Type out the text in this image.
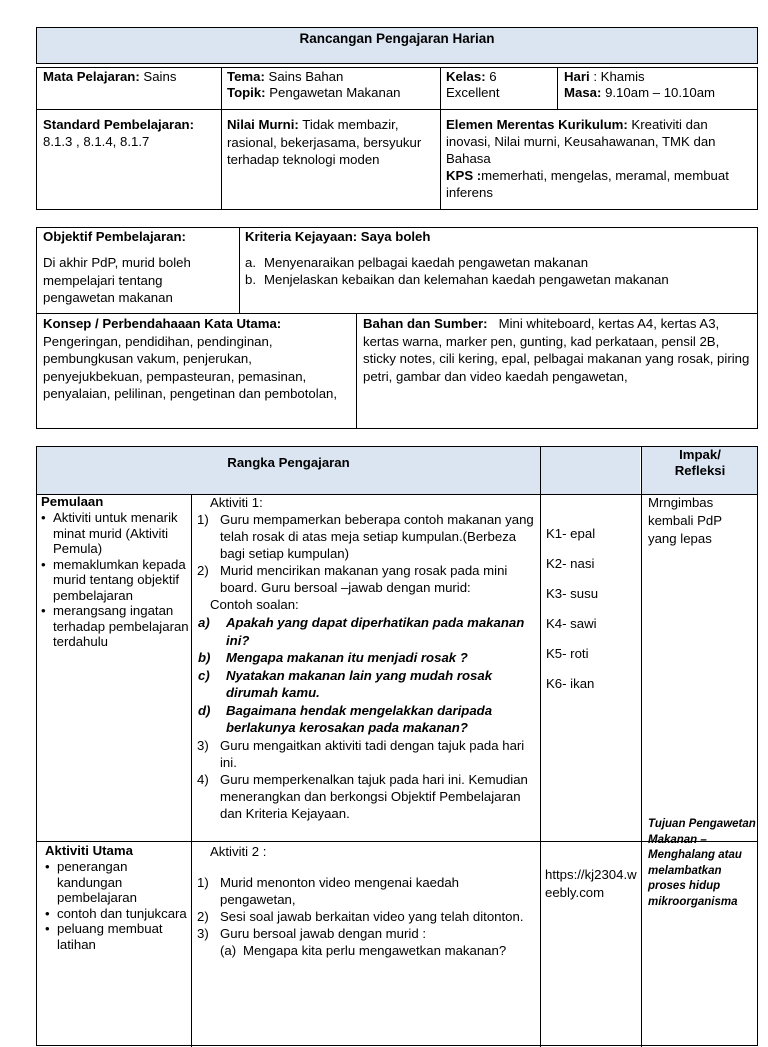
Rancangan Pengajaran Harian
Mata Pelajaran: Sains	Tema: Sains Bahan
Topik: Pengawetan Makanan
Kelas: 6
Excellent
Hari : Khamis
Masa: 9.10am – 10.10am
Standard Pembelajaran:
8.1.3 , 8.1.4, 8.1.7
Nilai Murni: Tidak membazir, rasional, bekerjasama, bersyukur terhadap teknologi moden
Elemen Merentas Kurikulum: Kreativiti dan inovasi, Nilai murni, Keusahawanan, TMK dan Bahasa
KPS :memerhati, mengelas, meramal, membuat inferens
Objektif Pembelajaran:
Di akhir PdP, murid boleh mempelajari tentang pengawetan makanan
Kriteria Kejayaan: Saya boleh
a. Menyenaraikan pelbagai kaedah pengawetan makanan
b. Menjelaskan kebaikan dan kelemahan kaedah pengawetan makanan
Konsep / Perbendahaaan Kata Utama:
Pengeringan, pendidihan, pendinginan, pembungkusan vakum, penjerukan, penyejukbekuan, pempasteuran, pemasinan, penyalaian, pelilinan, pengetinan dan pembotolan,
Bahan dan Sumber: Mini whiteboard, kertas A4, kertas A3, kertas warna, marker pen, gunting, kad perkataan, pensil 2B, sticky notes, cili kering, epal, pelbagai makanan yang rosak, piring petri, gambar dan video kaedah pengawetan,
Rangka Pengajaran
Impak/ Refleksi
Pemulaan
• Aktiviti untuk menarik minat murid (Aktiviti Pemula)
• memaklumkan kepada murid tentang objektif pembelajaran
• merangsang ingatan terhadap pembelajaran terdahulu
Aktiviti 1:
1) Guru mempamerkan beberapa contoh makanan yang telah rosak di atas meja setiap kumpulan.(Berbeza bagi setiap kumpulan)
2) Murid mencirikan makanan yang rosak pada mini board. Guru bersoal –jawab dengan murid:
Contoh soalan:
a) Apakah yang dapat diperhatikan pada makanan ini?
b) Mengapa makanan itu menjadi rosak ?
c) Nyatakan makanan lain yang mudah rosak dirumah kamu.
d) Bagaimana hendak mengelakkan daripada berlakunya kerosakan pada makanan?
3) Guru mengaitkan aktiviti tadi dengan tajuk pada hari ini.
4) Guru memperkenalkan tajuk pada hari ini. Kemudian menerangkan dan berkongsi Objektif Pembelajaran dan Kriteria Kejayaan.
K1- epal
K2- nasi
K3- susu
K4- sawi
K5- roti
K6- ikan
Mrngimbas kembali PdP yang lepas
Aktiviti Utama
• penerangan kandungan pembelajaran
• contoh dan tunjukcara
• peluang membuat latihan
Aktiviti 2 :
1) Murid menonton video mengenai kaedah pengawetan,
2) Sesi soal jawab berkaitan video yang telah ditonton.
3) Guru bersoal jawab dengan murid :
(a) Mengapa kita perlu mengawetkan makanan?
https://kj2304.weebly.com
Tujuan Pengawetan Makanan – Menghalang atau melambatkan proses hidup mikroorganisma
